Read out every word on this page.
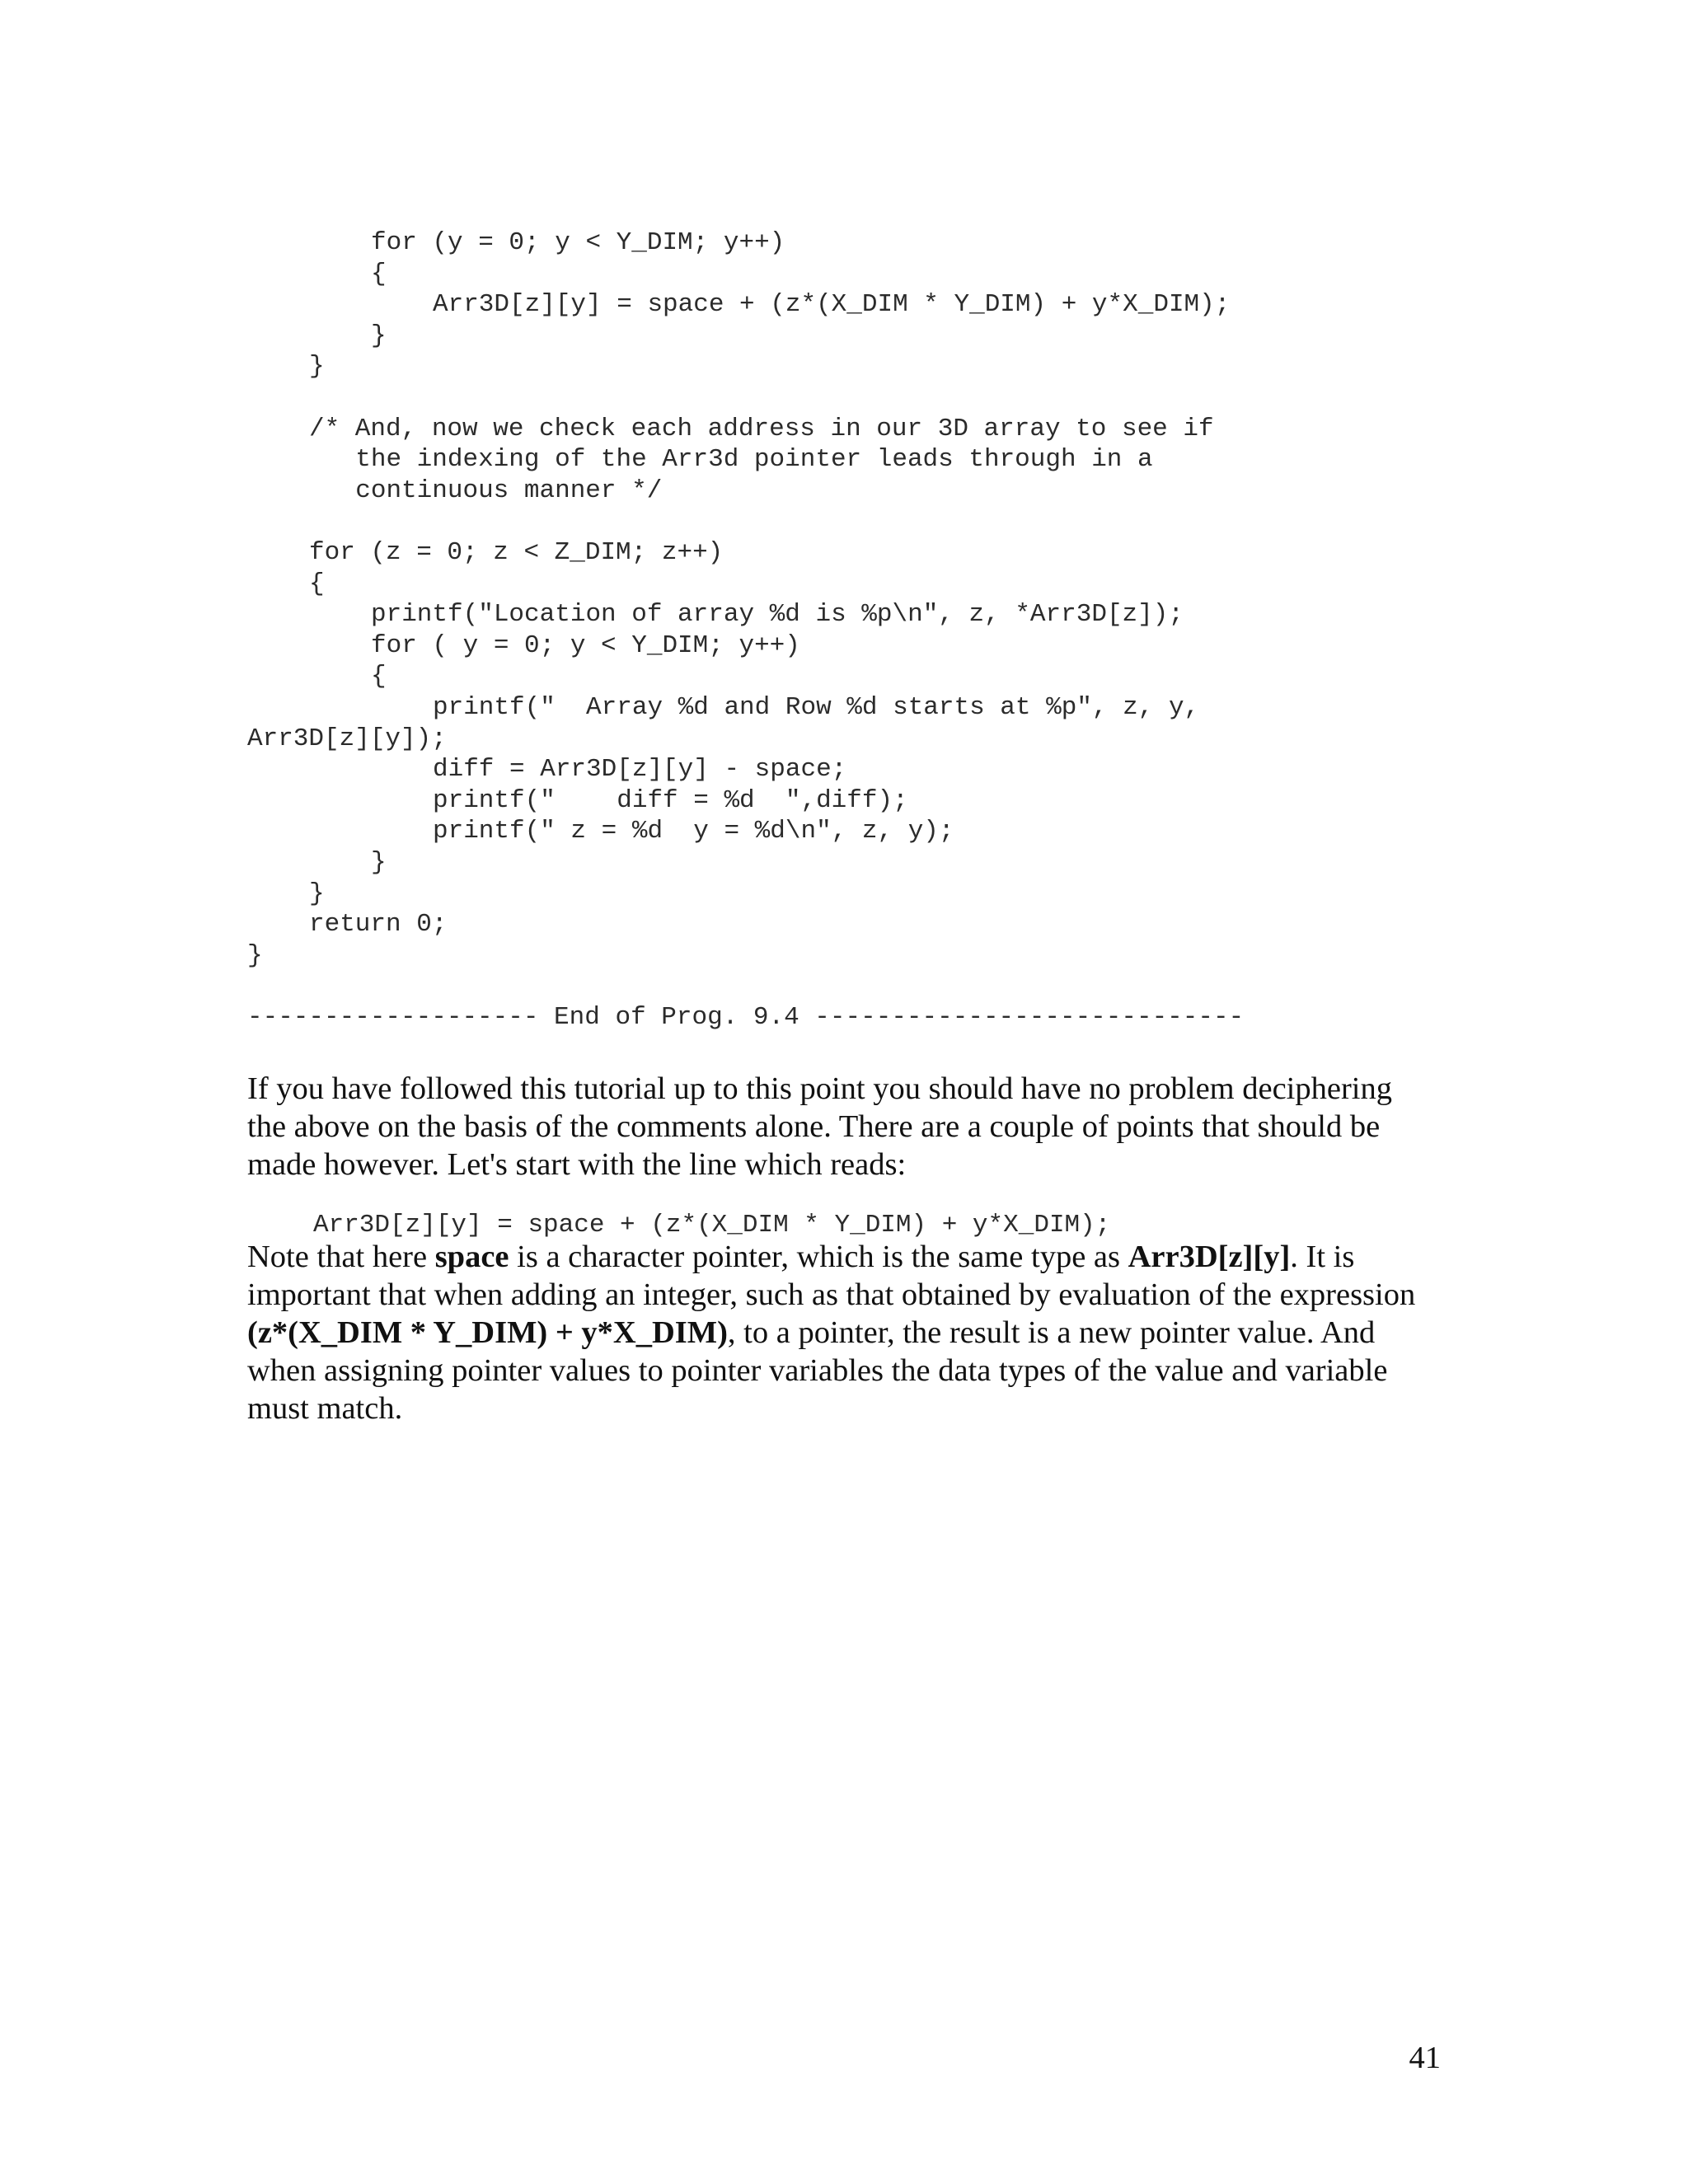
for (y = 0; y < Y_DIM; y++)
{
Arr3D[z][y] = space + (z*(X_DIM * Y_DIM) + y*X_DIM);
}
}
/* And, now we check each address in our 3D array to see if
the indexing of the Arr3d pointer leads through in a
continuous manner */
for (z = 0; z < Z_DIM; z++)
{
printf("Location of array %d is %p\n", z, *Arr3D[z]);
for ( y = 0; y < Y_DIM; y++)
{
printf("  Array %d and Row %d starts at %p", z, y,
Arr3D[z][y]);
diff = Arr3D[z][y] - space;
printf("    diff = %d  ",diff);
printf(" z = %d  y = %d\n", z, y);
}
}
return 0;
}
------------------- End of Prog. 9.4 ----------------------------

If you have followed this tutorial up to this point you should have no problem deciphering the above on the basis of the comments alone. There are a couple of points that should be made however. Let's start with the line which reads:

Arr3D[z][y] = space + (z*(X_DIM * Y_DIM) + y*X_DIM);

Note that here space is a character pointer, which is the same type as Arr3D[z][y]. It is important that when adding an integer, such as that obtained by evaluation of the expression (z*(X_DIM * Y_DIM) + y*X_DIM), to a pointer, the result is a new pointer value. And when assigning pointer values to pointer variables the data types of the value and variable must match.

41
